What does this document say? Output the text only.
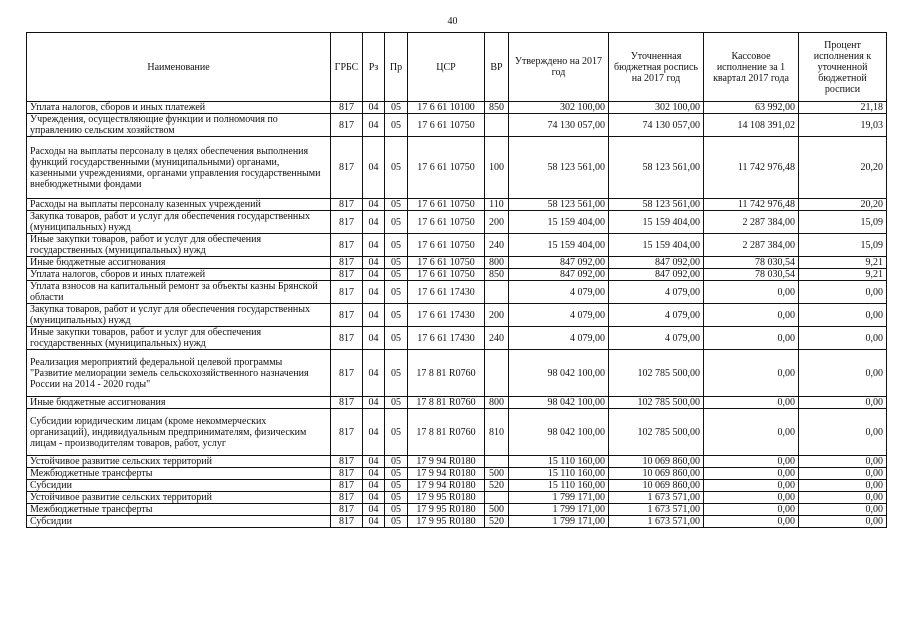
40
Наименование	ГРБС	Рз	Пр	ЦСР	ВР	Утверждено на 2017 год	Уточненная бюджетная роспись на 2017 год	Кассовое исполнение за 1 квартал 2017 года	Процент исполнения к уточненной бюджетной росписи
Уплата налогов, сборов и иных платежей	817	04	05	17 6 61 10100	850	302 100,00	302 100,00	63 992,00	21,18
Учреждения, осуществляющие функции и полномочия по управлению сельским хозяйством	817	04	05	17 6 61 10750		74 130 057,00	74 130 057,00	14 108 391,02	19,03
Расходы на выплаты персоналу в целях обеспечения выполнения функций государственными (муниципальными) органами, казенными учреждениями, органами управления государственными внебюджетными фондами	817	04	05	17 6 61 10750	100	58 123 561,00	58 123 561,00	11 742 976,48	20,20
Расходы на выплаты персоналу казенных учреждений	817	04	05	17 6 61 10750	110	58 123 561,00	58 123 561,00	11 742 976,48	20,20
Закупка товаров, работ и услуг для обеспечения государственных (муниципальных) нужд	817	04	05	17 6 61 10750	200	15 159 404,00	15 159 404,00	2 287 384,00	15,09
Иные закупки товаров, работ и услуг для обеспечения государственных (муниципальных) нужд	817	04	05	17 6 61 10750	240	15 159 404,00	15 159 404,00	2 287 384,00	15,09
Иные бюджетные ассигнования	817	04	05	17 6 61 10750	800	847 092,00	847 092,00	78 030,54	9,21
Уплата налогов, сборов и иных платежей	817	04	05	17 6 61 10750	850	847 092,00	847 092,00	78 030,54	9,21
Уплата взносов на капитальный ремонт за объекты казны Брянской области	817	04	05	17 6 61 17430		4 079,00	4 079,00	0,00	0,00
Закупка товаров, работ и услуг для обеспечения государственных (муниципальных) нужд	817	04	05	17 6 61 17430	200	4 079,00	4 079,00	0,00	0,00
Иные закупки товаров, работ и услуг для обеспечения государственных (муниципальных) нужд	817	04	05	17 6 61 17430	240	4 079,00	4 079,00	0,00	0,00
Реализация мероприятий федеральной целевой программы "Развитие мелиорации земель сельскохозяйственного назначения России на 2014 - 2020 годы"	817	04	05	17 8 81 R0760		98 042 100,00	102 785 500,00	0,00	0,00
Иные бюджетные ассигнования	817	04	05	17 8 81 R0760	800	98 042 100,00	102 785 500,00	0,00	0,00
Субсидии юридическим лицам (кроме некоммерческих организаций), индивидуальным предпринимателям, физическим лицам - производителям товаров, работ, услуг	817	04	05	17 8 81 R0760	810	98 042 100,00	102 785 500,00	0,00	0,00
Устойчивое развитие сельских территорий	817	04	05	17 9 94 R0180		15 110 160,00	10 069 860,00	0,00	0,00
Межбюджетные трансферты	817	04	05	17 9 94 R0180	500	15 110 160,00	10 069 860,00	0,00	0,00
Субсидии	817	04	05	17 9 94 R0180	520	15 110 160,00	10 069 860,00	0,00	0,00
Устойчивое развитие сельских территорий	817	04	05	17 9 95 R0180		1 799 171,00	1 673 571,00	0,00	0,00
Межбюджетные трансферты	817	04	05	17 9 95 R0180	500	1 799 171,00	1 673 571,00	0,00	0,00
Субсидии	817	04	05	17 9 95 R0180	520	1 799 171,00	1 673 571,00	0,00	0,00
